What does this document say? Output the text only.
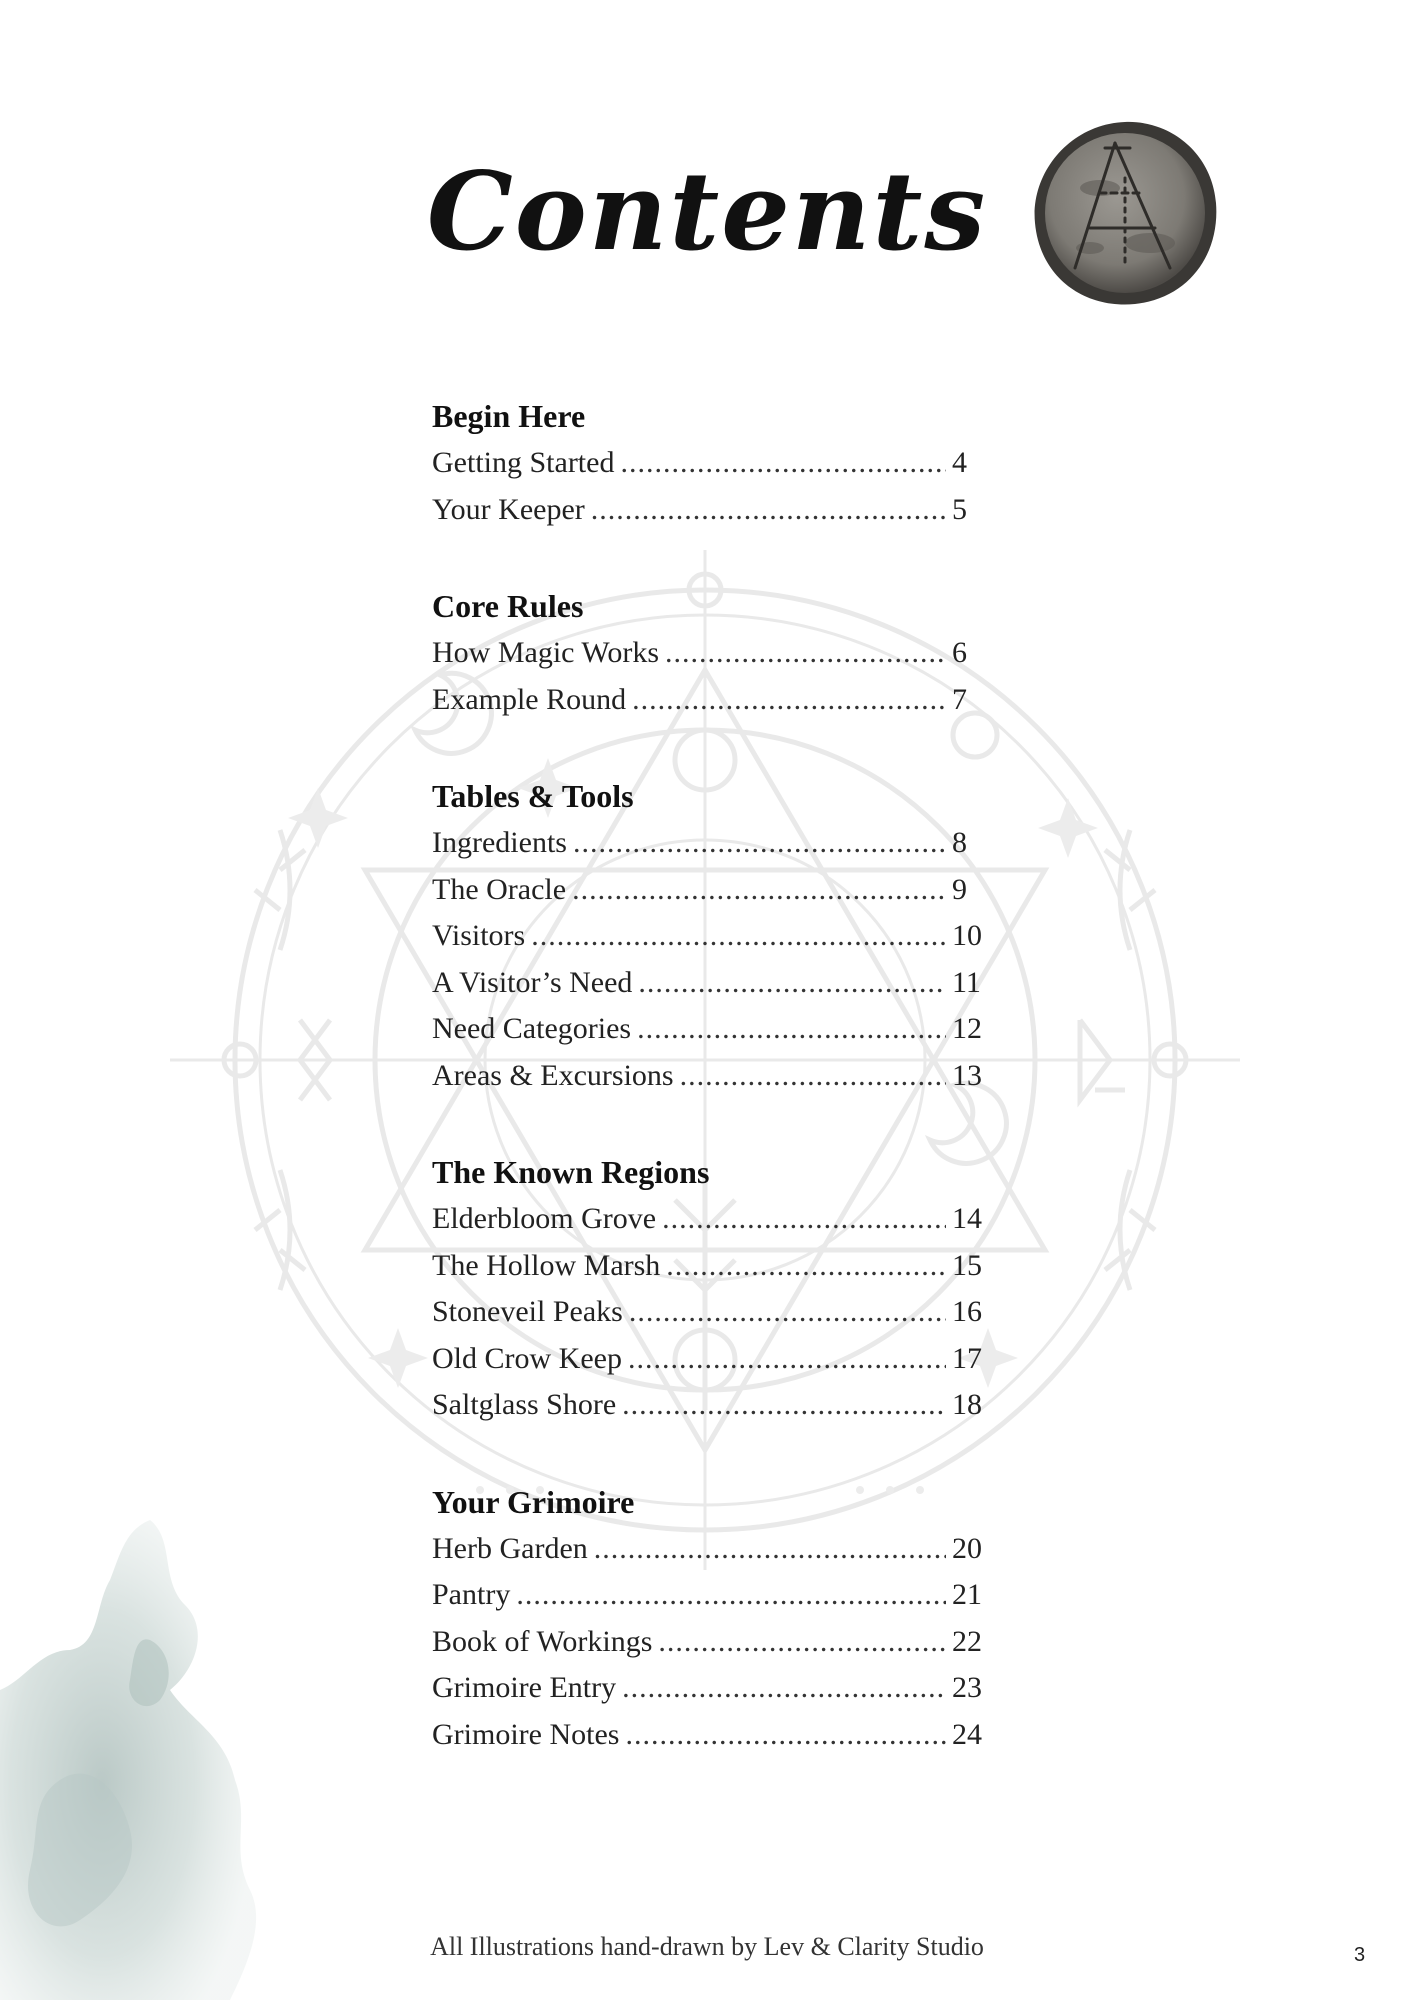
Contents
Begin Here
Getting Started .....	4
Your Keeper .....	5
Core Rules
How Magic Works .....	6
Example Round .....	7
Tables & Tools
Ingredients .....	8
The Oracle .....	9
Visitors .....	10
A Visitor’s Need .....	11
Need Categories .....	12
Areas & Excursions .....	13
The Known Regions
Elderbloom Grove .....	14
The Hollow Marsh .....	15
Stoneveil Peaks .....	16
Old Crow Keep .....	17
Saltglass Shore .....	18
Your Grimoire
Herb Garden .....	20
Pantry .....	21
Book of Workings .....	22
Grimoire Entry .....	23
Grimoire Notes .....	24
All Illustrations hand-drawn by Lev & Clarity Studio	3
